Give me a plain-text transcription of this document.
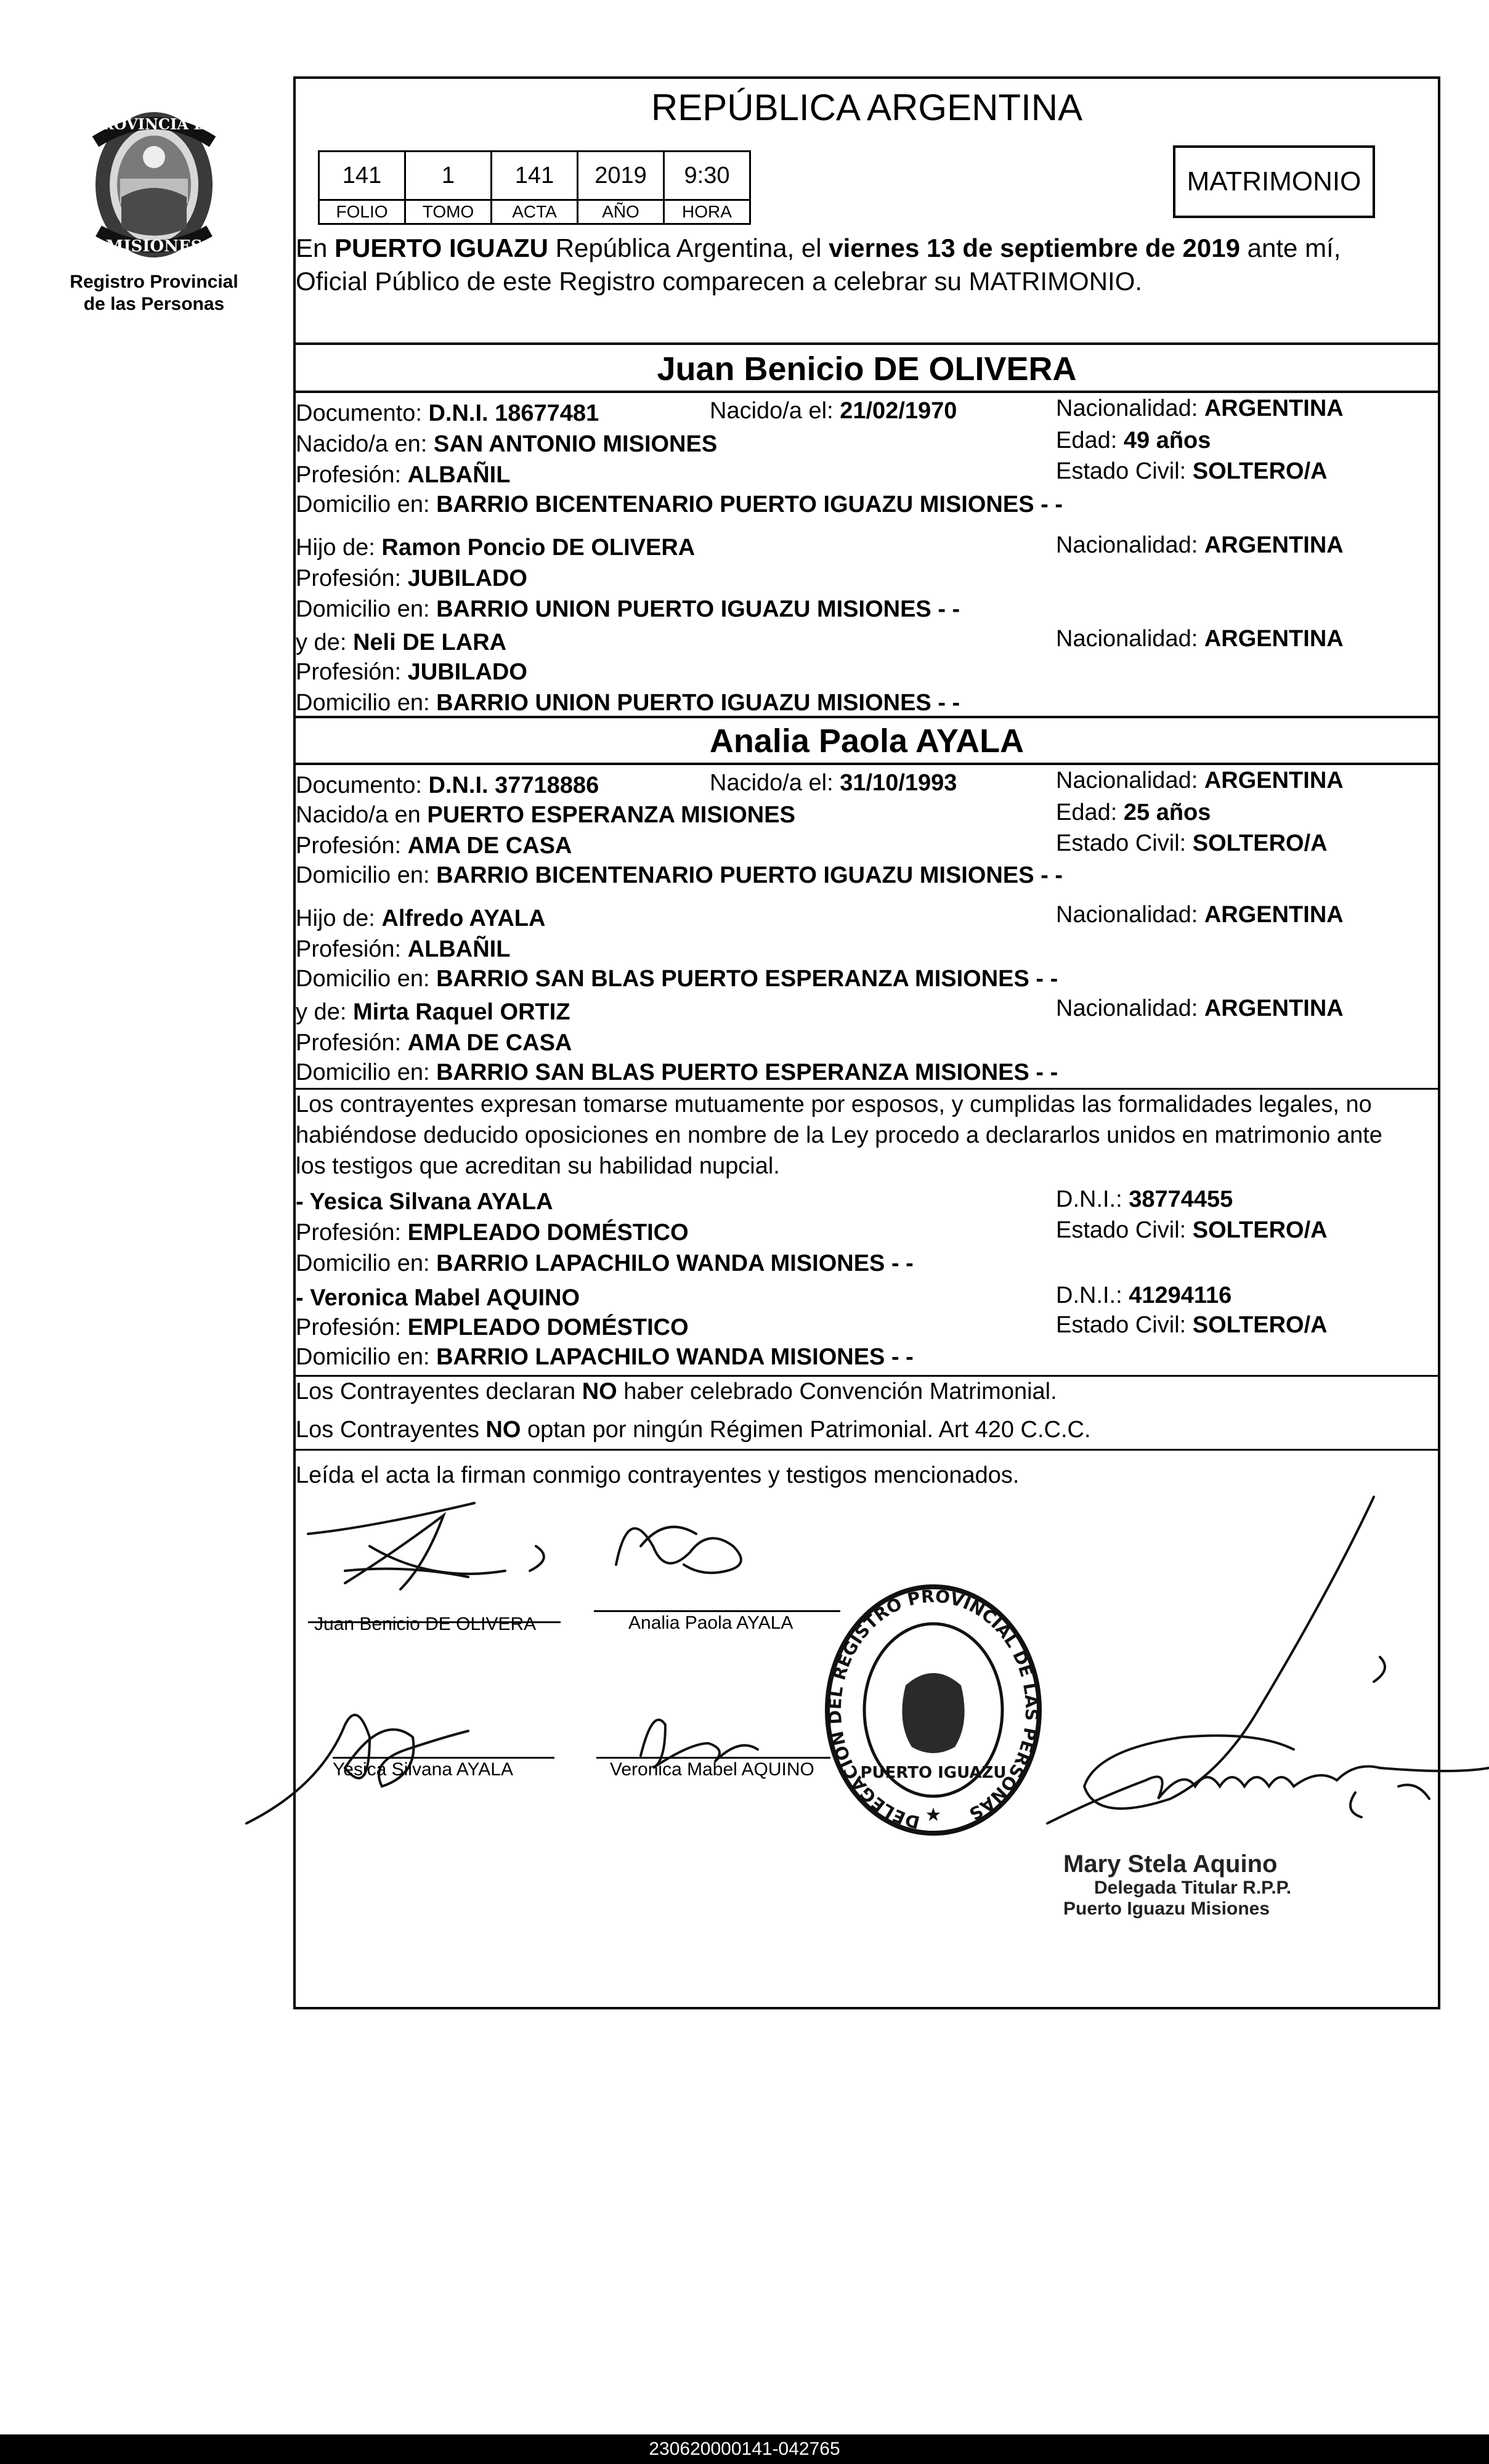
PROVINCIA DE
MISIONES
Registro Provincial
de las Personas
REPÚBLICA ARGENTINA
141	1	141	2019	9:30
FOLIO	TOMO	ACTA	AÑO	HORA
MATRIMONIO
En PUERTO IGUAZU República Argentina, el viernes 13 de septiembre de 2019 ante mí,
Oficial Público de este Registro comparecen a celebrar su MATRIMONIO.
Juan Benicio DE OLIVERA
Documento: D.N.I. 18677481	Nacido/a el: 21/02/1970	Nacionalidad: ARGENTINA
Nacido/a en: SAN ANTONIO MISIONES	Edad: 49 años
Profesión: ALBAÑIL	Estado Civil: SOLTERO/A
Domicilio en: BARRIO BICENTENARIO PUERTO IGUAZU MISIONES - -
Hijo de: Ramon Poncio DE OLIVERA	Nacionalidad: ARGENTINA
Profesión: JUBILADO
Domicilio en: BARRIO UNION PUERTO IGUAZU MISIONES - -
y de: Neli DE LARA	Nacionalidad: ARGENTINA
Profesión: JUBILADO
Domicilio en: BARRIO UNION PUERTO IGUAZU MISIONES - -
Analia Paola AYALA
Documento: D.N.I. 37718886	Nacido/a el: 31/10/1993	Nacionalidad: ARGENTINA
Nacido/a en PUERTO ESPERANZA MISIONES	Edad: 25 años
Profesión: AMA DE CASA	Estado Civil: SOLTERO/A
Domicilio en: BARRIO BICENTENARIO PUERTO IGUAZU MISIONES - -
Hijo de: Alfredo AYALA	Nacionalidad: ARGENTINA
Profesión: ALBAÑIL
Domicilio en: BARRIO SAN BLAS PUERTO ESPERANZA MISIONES - -
y de: Mirta Raquel ORTIZ	Nacionalidad: ARGENTINA
Profesión: AMA DE CASA
Domicilio en: BARRIO SAN BLAS PUERTO ESPERANZA MISIONES - -
Los contrayentes expresan tomarse mutuamente por esposos, y cumplidas las formalidades legales, no
habiéndose deducido oposiciones en nombre de la Ley procedo a declararlos unidos en matrimonio ante
los testigos que acreditan su habilidad nupcial.
- Yesica Silvana AYALA	D.N.I.: 38774455
Profesión: EMPLEADO DOMÉSTICO	Estado Civil: SOLTERO/A
Domicilio en: BARRIO LAPACHILO WANDA MISIONES - -
- Veronica Mabel AQUINO	D.N.I.: 41294116
Profesión: EMPLEADO DOMÉSTICO	Estado Civil: SOLTERO/A
Domicilio en: BARRIO LAPACHILO WANDA MISIONES - -
Los Contrayentes declaran NO haber celebrado Convención Matrimonial.
Los Contrayentes NO optan por ningún Régimen Patrimonial. Art 420 C.C.C.
Leída el acta la firman conmigo contrayentes y testigos mencionados.
Juan Benicio DE OLIVERA	Analia Paola AYALA
Yesica Silvana AYALA	Veronica Mabel AQUINO
DELEGACION DEL REGISTRO PROVINCIAL DE LAS PERSONAS
PUERTO IGUAZU
★
Mary Stela Aquino
Delegada Titular R.P.P.
Puerto Iguazu Misiones
230620000141-042765
